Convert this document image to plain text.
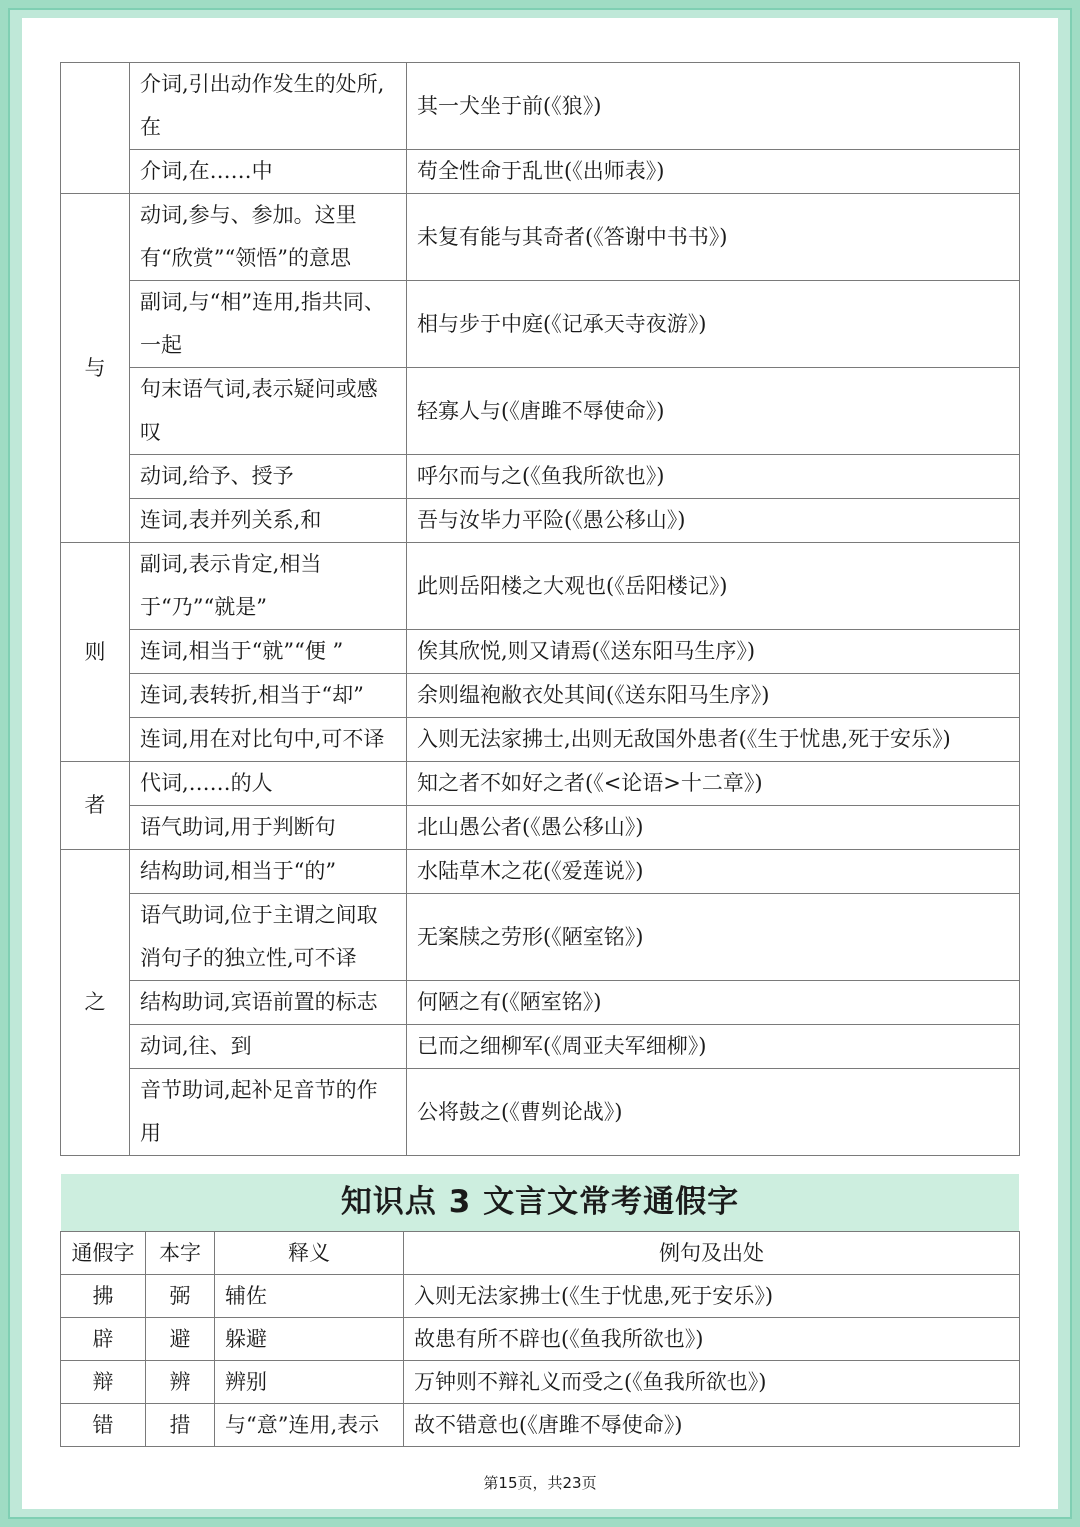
	介词,引出动作发生的处所,在	其一犬坐于前(《狼》)
	介词,在……中	苟全性命于乱世(《出师表》)
与	动词,参与、参加。这里有“欣赏”“领悟”的意思	未复有能与其奇者(《答谢中书书》)
	副词,与“相”连用,指共同、一起	相与步于中庭(《记承天寺夜游》)
	句末语气词,表示疑问或感叹	轻寡人与(《唐雎不辱使命》)
	动词,给予、授予	呼尔而与之(《鱼我所欲也》)
	连词,表并列关系,和	吾与汝毕力平险(《愚公移山》)
则	副词,表示肯定,相当于“乃”“就是”	此则岳阳楼之大观也(《岳阳楼记》)
	连词,相当于“就”“便 ”	俟其欣悦,则又请焉(《送东阳马生序》)
	连词,表转折,相当于“却”	余则缊袍敝衣处其间(《送东阳马生序》)
	连词,用在对比句中,可不译	入则无法家拂士,出则无敌国外患者(《生于忧患,死于安乐》)
者	代词,……的人	知之者不如好之者(《<论语>十二章》)
	语气助词,用于判断句	北山愚公者(《愚公移山》)
之	结构助词,相当于“的”	水陆草木之花(《爱莲说》)
	语气助词,位于主谓之间取消句子的独立性,可不译	无案牍之劳形(《陋室铭》)
	结构助词,宾语前置的标志	何陋之有(《陋室铭》)
	动词,往、到	已而之细柳军(《周亚夫军细柳》)
	音节助词,起补足音节的作用	公将鼓之(《曹刿论战》)
知识点 3 文言文常考通假字
通假字	本字	释义	例句及出处
拂	弼	辅佐	入则无法家拂士(《生于忧患,死于安乐》)
辟	避	躲避	故患有所不辟也(《鱼我所欲也》)
辩	辨	辨别	万钟则不辩礼义而受之(《鱼我所欲也》)
错	措	与“意”连用,表示	故不错意也(《唐雎不辱使命》)
第15页，共23页
